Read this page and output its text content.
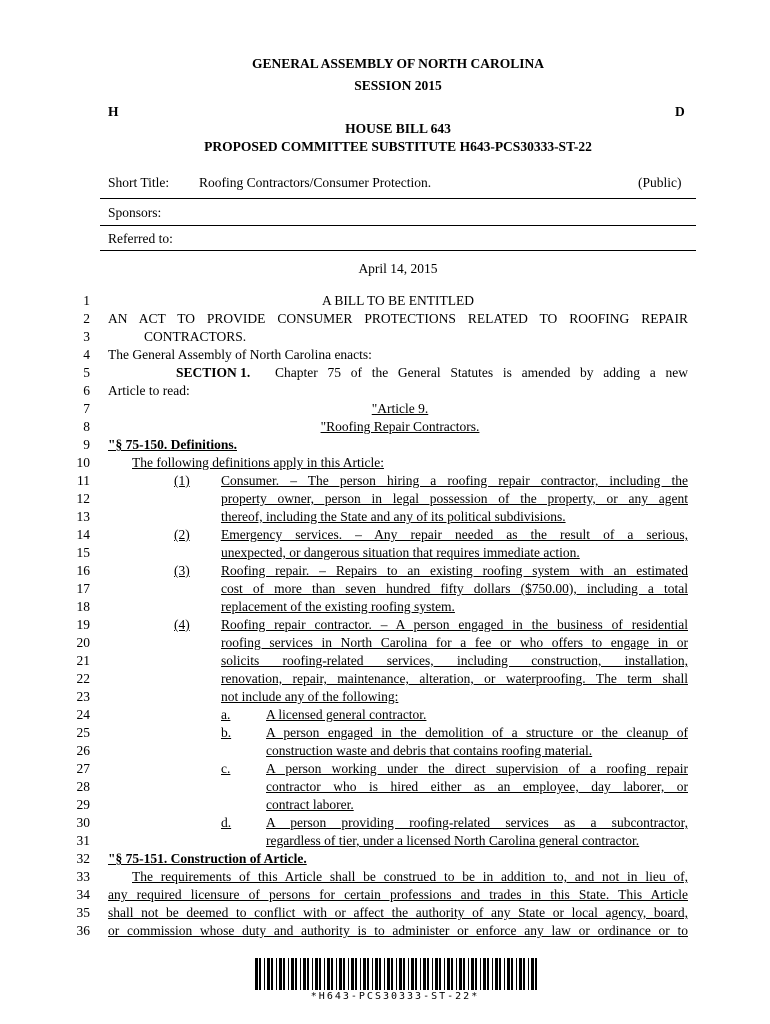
GENERAL ASSEMBLY OF NORTH CAROLINA
SESSION 2015
H	D
HOUSE BILL 643
PROPOSED COMMITTEE SUBSTITUTE H643-PCS30333-ST-22
Short Title: Roofing Contractors/Consumer Protection.	(Public)
Sponsors:
Referred to:
April 14, 2015
1
2
3
4
5
6
7
8
9
10
11
12
13
14
15
16
17
18
19
20
21
22
23
24
25
26
27
28
29
30
31
32
33
34
35
36
A BILL TO BE ENTITLED
AN ACT TO PROVIDE CONSUMER PROTECTIONS RELATED TO ROOFING REPAIR
CONTRACTORS.
The General Assembly of North Carolina enacts:
SECTION 1. Chapter 75 of the General Statutes is amended by adding a new
Article to read:
"Article 9.
"Roofing Repair Contractors.
"§ 75-150. Definitions.
The following definitions apply in this Article:
(1) Consumer. – The person hiring a roofing repair contractor, including the
property owner, person in legal possession of the property, or any agent
thereof, including the State and any of its political subdivisions.
(2) Emergency services. – Any repair needed as the result of a serious,
unexpected, or dangerous situation that requires immediate action.
(3) Roofing repair. – Repairs to an existing roofing system with an estimated
cost of more than seven hundred fifty dollars ($750.00), including a total
replacement of the existing roofing system.
(4) Roofing repair contractor. – A person engaged in the business of residential
roofing services in North Carolina for a fee or who offers to engage in or
solicits roofing-related services, including construction, installation,
renovation, repair, maintenance, alteration, or waterproofing. The term shall
not include any of the following:
a.	A licensed general contractor.
b.	A person engaged in the demolition of a structure or the cleanup of
construction waste and debris that contains roofing material.
c.	A person working under the direct supervision of a roofing repair
contractor who is hired either as an employee, day laborer, or
contract laborer.
d.	A person providing roofing-related services as a subcontractor,
regardless of tier, under a licensed North Carolina general contractor.
"§ 75-151. Construction of Article.
The requirements of this Article shall be construed to be in addition to, and not in lieu of,
any required licensure of persons for certain professions and trades in this State. This Article
shall not be deemed to conflict with or affect the authority of any State or local agency, board,
or commission whose duty and authority is to administer or enforce any law or ordinance or to
*H643-PCS30333-ST-22*
